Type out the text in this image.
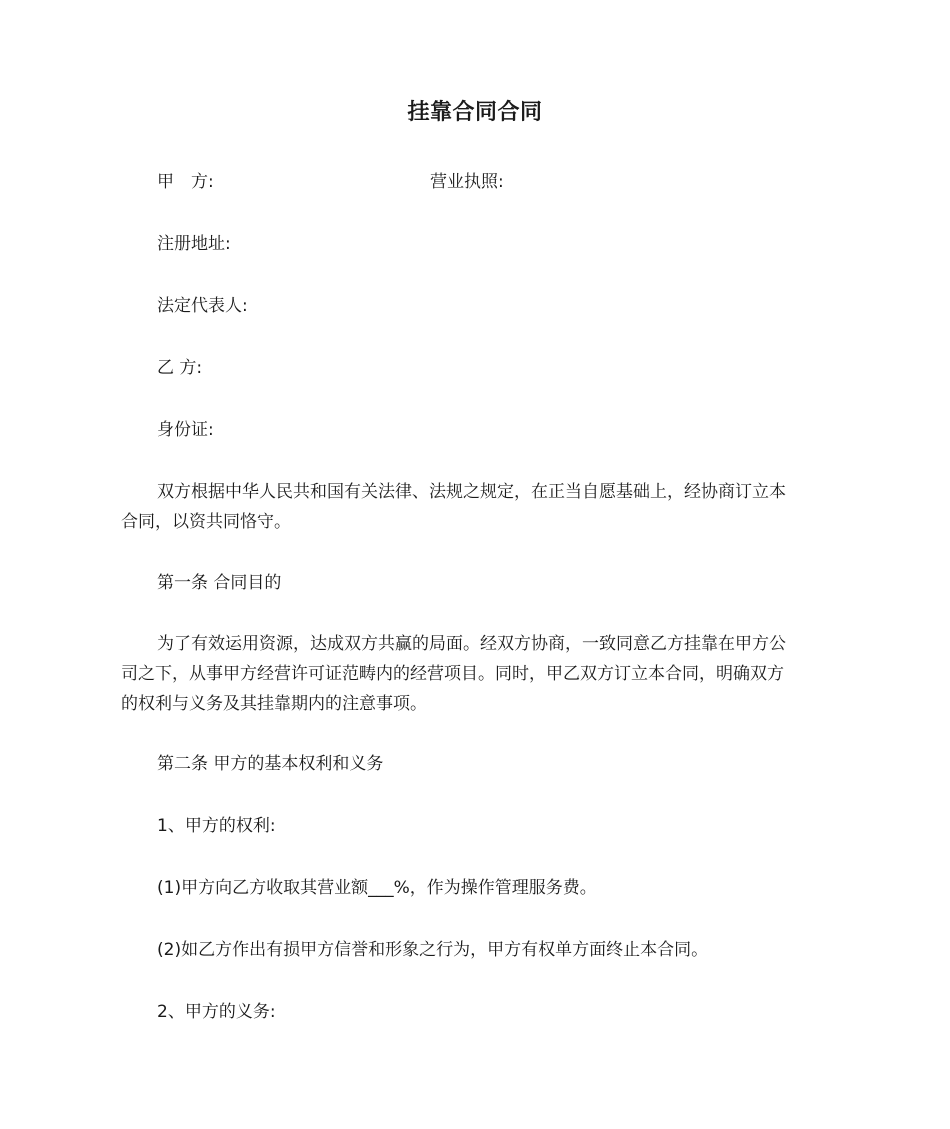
挂靠合同合同
甲　方:	营业执照:
注册地址:
法定代表人:
乙 方:
身份证:
双方根据中华人民共和国有关法律、法规之规定，在正当自愿基础上，经协商订立本
合同，以资共同恪守。
第一条 合同目的
为了有效运用资源，达成双方共赢的局面。经双方协商，一致同意乙方挂靠在甲方公
司之下，从事甲方经营许可证范畴内的经营项目。同时，甲乙双方订立本合同，明确双方
的权利与义务及其挂靠期内的注意事项。
第二条 甲方的基本权利和义务
1、甲方的权利:
(1)甲方向乙方收取其营业额___%，作为操作管理服务费。
(2)如乙方作出有损甲方信誉和形象之行为，甲方有权单方面终止本合同。
2、甲方的义务:
